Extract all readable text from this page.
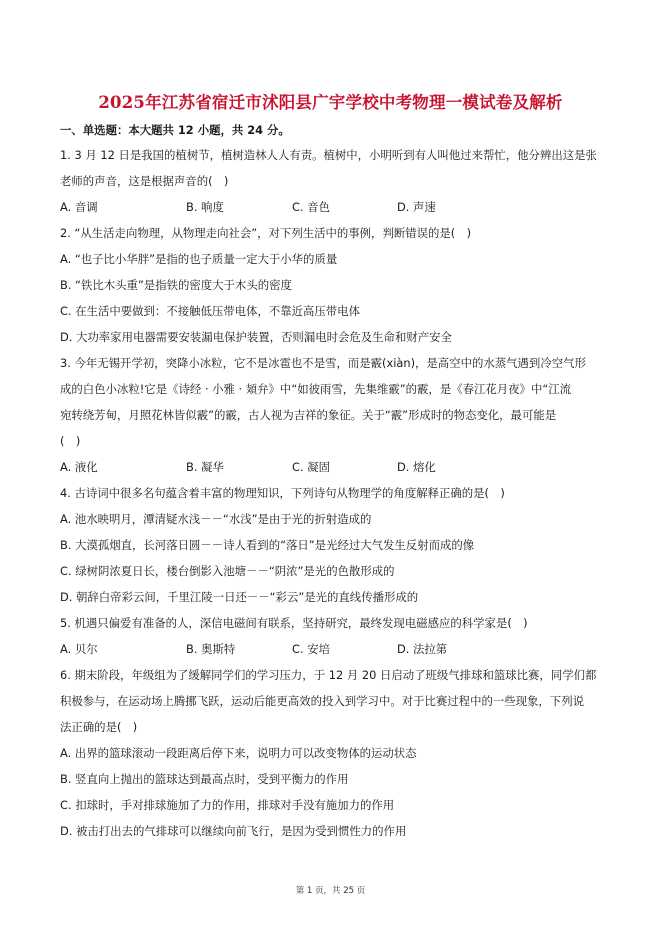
2025年江苏省宿迁市沭阳县广宇学校中考物理一模试卷及解析
一、单选题：本大题共 12 小题，共 24 分。
1. 3 月 12 日是我国的植树节，植树造林人人有责。植树中，小明听到有人叫他过来帮忙，他分辨出这是张
老师的声音，这是根据声音的(　)
A. 音调	B. 响度	C. 音色	D. 声速
2. “从生活走向物理，从物理走向社会”，对下列生活中的事例，判断错误的是(　)
A. “也子比小华胖”是指的也子质量一定大于小华的质量
B. “铁比木头重”是指铁的密度大于木头的密度
C. 在生活中要做到：不接触低压带电体，不靠近高压带电体
D. 大功率家用电器需要安装漏电保护装置，否则漏电时会危及生命和财产安全
3. 今年无锡开学初，突降小冰粒，它不是冰雹也不是雪，而是霰(xiàn)，是高空中的水蒸气遇到冷空气形
成的白色小冰粒!它是《诗经 · 小雅 · 頍弁》中“如彼雨雪，先集维霰”的霰，是《春江花月夜》中“江流
宛转绕芳甸，月照花林皆似霰”的霰，古人视为吉祥的象征。关于“霰”形成时的物态变化，最可能是
(　)
A. 液化	B. 凝华	C. 凝固	D. 熔化
4. 古诗词中很多名句蕴含着丰富的物理知识，下列诗句从物理学的角度解释正确的是(　)
A. 池水映明月，潭清疑水浅－－“水浅”是由于光的折射造成的
B. 大漠孤烟直，长河落日圆－－诗人看到的“落日”是光经过大气发生反射而成的像
C. 绿树阴浓夏日长，楼台倒影入池塘－－“阴浓”是光的色散形成的
D. 朝辞白帝彩云间，千里江陵一日还－－“彩云”是光的直线传播形成的
5. 机遇只偏爱有准备的人，深信电磁间有联系，坚持研究，最终发现电磁感应的科学家是(　)
A. 贝尔	B. 奥斯特	C. 安培	D. 法拉第
6. 期末阶段，年级组为了缓解同学们的学习压力，于 12 月 20 日启动了班级气排球和篮球比赛，同学们都
积极参与，在运动场上腾挪飞跃，运动后能更高效的投入到学习中。对于比赛过程中的一些现象，下列说
法正确的是(　)
A. 出界的篮球滚动一段距离后停下来，说明力可以改变物体的运动状态
B. 竖直向上抛出的篮球达到最高点时，受到平衡力的作用
C. 扣球时，手对排球施加了力的作用，排球对手没有施加力的作用
D. 被击打出去的气排球可以继续向前飞行，是因为受到惯性力的作用
第 1 页，共 25 页
